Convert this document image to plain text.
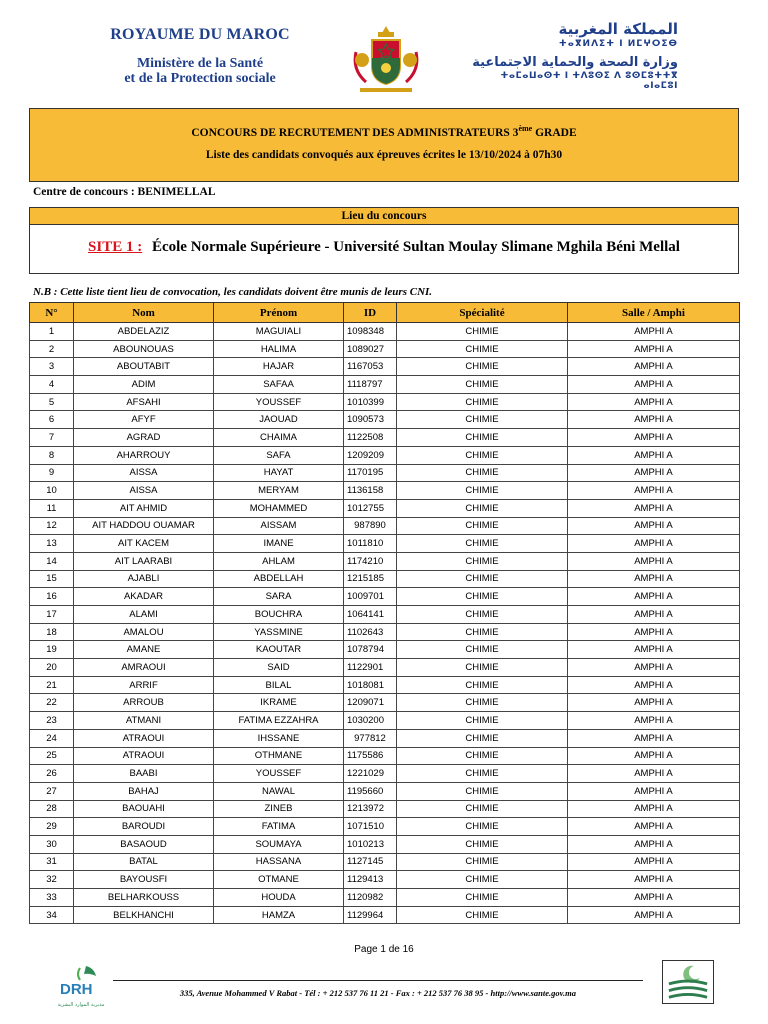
ROYAUME DU MAROC
Ministère de la Santé
et de la Protection sociale
المملكة المغربية
ⵜⴰⴳⵍⴷⵉⵜ ⵏ ⵍⵎⵖⵔⵉⴱ
وزارة الصحة والحماية الاجتماعية
ⵜⴰⵎⴰⵡⴰⵙⵜ ⵏ ⵜⴷⵓⵙⵉ ⴷ ⵓⵙⵎⵓⵜⵜⴳ ⴰⵏⴰⵎⵓⵏ
CONCOURS DE RECRUTEMENT DES ADMINISTRATEURS 3ème GRADE
Liste des candidats convoqués aux épreuves écrites le 13/10/2024 à 07h30
Centre de concours : BENIMELLAL
Lieu du concours
SITE 1 : École Normale Supérieure - Université Sultan Moulay Slimane Mghila Béni Mellal
N.B : Cette liste tient lieu de convocation, les candidats doivent être munis de leurs CNI.
N°	Nom	Prénom	ID	Spécialité	Salle / Amphi
1	ABDELAZIZ	MAGUIALI	1098348	CHIMIE	AMPHI A
2	ABOUNOUAS	HALIMA	1089027	CHIMIE	AMPHI A
3	ABOUTABIT	HAJAR	1167053	CHIMIE	AMPHI A
4	ADIM	SAFAA	1118797	CHIMIE	AMPHI A
5	AFSAHI	YOUSSEF	1010399	CHIMIE	AMPHI A
6	AFYF	JAOUAD	1090573	CHIMIE	AMPHI A
7	AGRAD	CHAIMA	1122508	CHIMIE	AMPHI A
8	AHARROUY	SAFA	1209209	CHIMIE	AMPHI A
9	AISSA	HAYAT	1170195	CHIMIE	AMPHI A
10	AISSA	MERYAM	1136158	CHIMIE	AMPHI A
11	AIT AHMID	MOHAMMED	1012755	CHIMIE	AMPHI A
12	AIT HADDOU OUAMAR	AISSAM	987890	CHIMIE	AMPHI A
13	AIT KACEM	IMANE	1011810	CHIMIE	AMPHI A
14	AIT LAARABI	AHLAM	1174210	CHIMIE	AMPHI A
15	AJABLI	ABDELLAH	1215185	CHIMIE	AMPHI A
16	AKADAR	SARA	1009701	CHIMIE	AMPHI A
17	ALAMI	BOUCHRA	1064141	CHIMIE	AMPHI A
18	AMALOU	YASSMINE	1102643	CHIMIE	AMPHI A
19	AMANE	KAOUTAR	1078794	CHIMIE	AMPHI A
20	AMRAOUI	SAID	1122901	CHIMIE	AMPHI A
21	ARRIF	BILAL	1018081	CHIMIE	AMPHI A
22	ARROUB	IKRAME	1209071	CHIMIE	AMPHI A
23	ATMANI	FATIMA EZZAHRA	1030200	CHIMIE	AMPHI A
24	ATRAOUI	IHSSANE	977812	CHIMIE	AMPHI A
25	ATRAOUI	OTHMANE	1175586	CHIMIE	AMPHI A
26	BAABI	YOUSSEF	1221029	CHIMIE	AMPHI A
27	BAHAJ	NAWAL	1195660	CHIMIE	AMPHI A
28	BAOUAHI	ZINEB	1213972	CHIMIE	AMPHI A
29	BAROUDI	FATIMA	1071510	CHIMIE	AMPHI A
30	BASAOUD	SOUMAYA	1010213	CHIMIE	AMPHI A
31	BATAL	HASSANA	1127145	CHIMIE	AMPHI A
32	BAYOUSFI	OTMANE	1129413	CHIMIE	AMPHI A
33	BELHARKOUSS	HOUDA	1120982	CHIMIE	AMPHI A
34	BELKHANCHI	HAMZA	1129964	CHIMIE	AMPHI A
Page 1 de 16
DRH
مديرية الموارد البشرية
335, Avenue Mohammed V Rabat - Tél : + 212 537 76 11 21 - Fax : + 212 537 76 38 95 - http://www.sante.gov.ma
